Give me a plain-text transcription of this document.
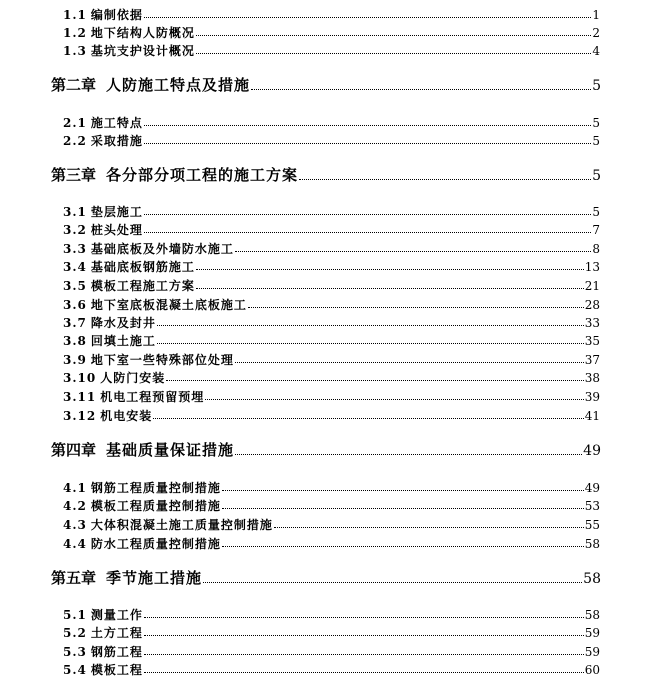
1.1 编制依据	1
1.2 地下结构人防概况	2
1.3 基坑支护设计概况	4
第二章 人防施工特点及措施	5
2.1 施工特点	5
2.2 采取措施	5
第三章 各分部分项工程的施工方案	5
3.1 垫层施工	5
3.2 桩头处理	7
3.3 基础底板及外墙防水施工	8
3.4 基础底板钢筋施工	13
3.5 模板工程施工方案	21
3.6 地下室底板混凝土底板施工	28
3.7 降水及封井	33
3.8 回填土施工	35
3.9 地下室一些特殊部位处理	37
3.10 人防门安装	38
3.11 机电工程预留预埋	39
3.12 机电安装	41
第四章 基础质量保证措施	49
4.1 钢筋工程质量控制措施	49
4.2 模板工程质量控制措施	53
4.3 大体积混凝土施工质量控制措施	55
4.4 防水工程质量控制措施	58
第五章 季节施工措施	58
5.1 测量工作	58
5.2 土方工程	59
5.3 钢筋工程	59
5.4 模板工程	60
